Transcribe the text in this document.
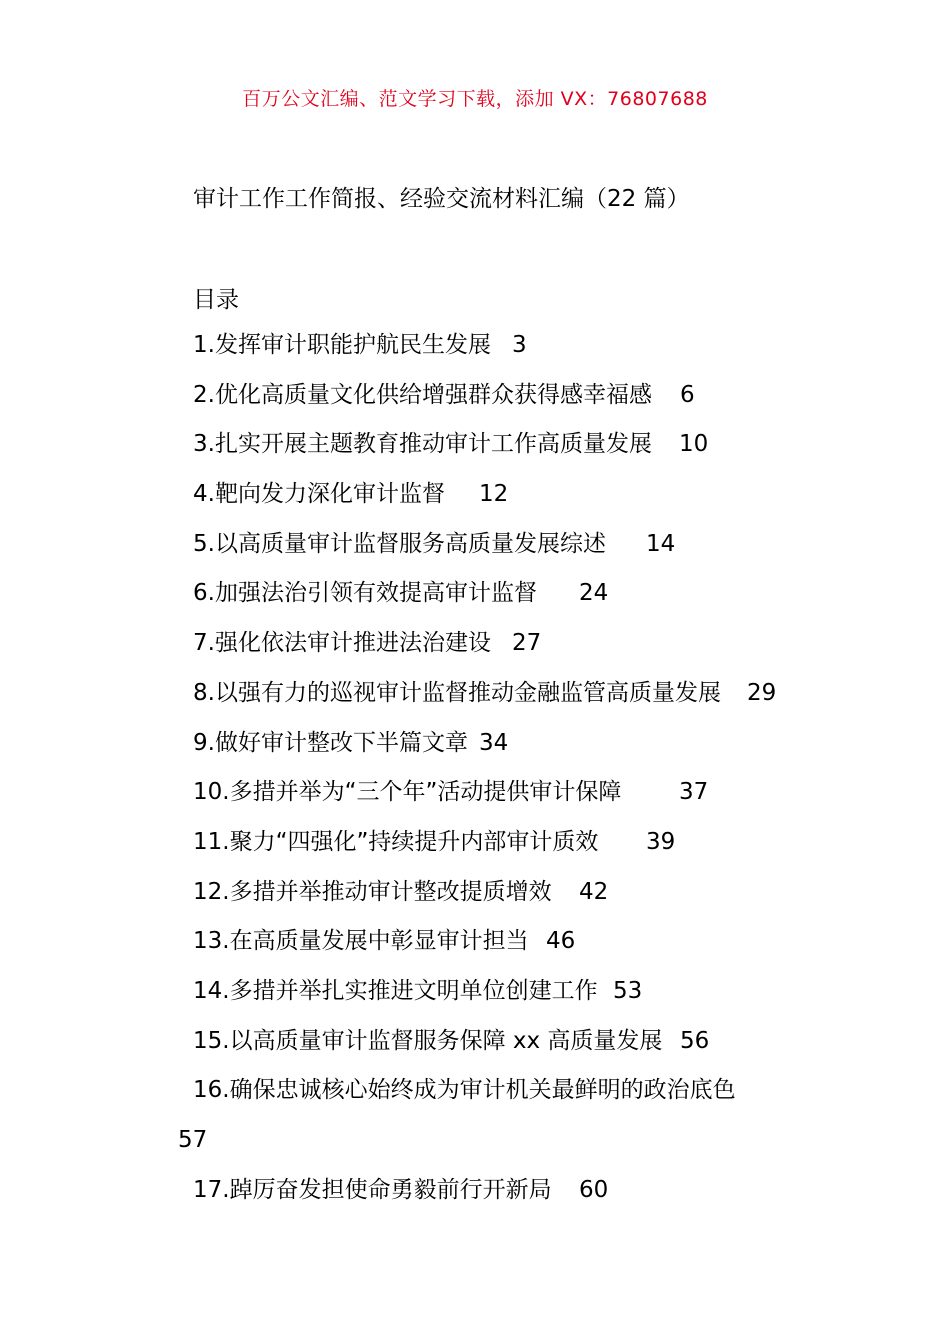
百万公文汇编、范文学习下载，添加 VX：76807688
审计工作工作简报、经验交流材料汇编（22 篇）
目录
1.发挥审计职能护航民生发展 3
2.优化高质量文化供给增强群众获得感幸福感 6
3.扎实开展主题教育推动审计工作高质量发展 10
4.靶向发力深化审计监督 12
5.以高质量审计监督服务高质量发展综述 14
6.加强法治引领有效提高审计监督 24
7.强化依法审计推进法治建设 27
8.以强有力的巡视审计监督推动金融监管高质量发展 29
9.做好审计整改下半篇文章 34
10.多措并举为“三个年”活动提供审计保障	37
11.聚力“四强化”持续提升内部审计质效 39
12.多措并举推动审计整改提质增效 42
13.在高质量发展中彰显审计担当 46
14.多措并举扎实推进文明单位创建工作 53
15.以高质量审计监督服务保障 xx 高质量发展 56
16.确保忠诚核心始终成为审计机关最鲜明的政治底色
57
17.踔厉奋发担使命勇毅前行开新局 60
